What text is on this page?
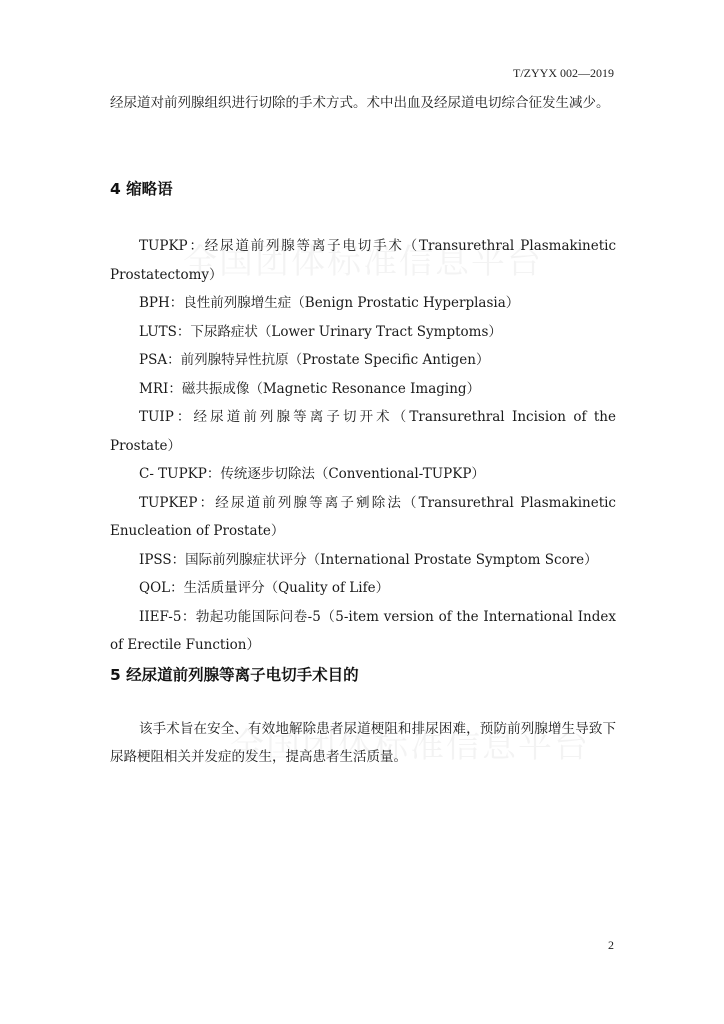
T/ZYYX 002—2019
经尿道对前列腺组织进行切除的手术方式。术中出血及经尿道电切综合征发生减少。
4 缩略语

TUPKP：经尿道前列腺等离子电切手术（Transurethral Plasmakinetic Prostatectomy）

BPH：良性前列腺增生症（Benign Prostatic Hyperplasia）

LUTS：下尿路症状（Lower Urinary Tract Symptoms）

PSA：前列腺特异性抗原（Prostate Specific Antigen）

MRI：磁共振成像（Magnetic Resonance Imaging）

TUIP：经尿道前列腺等离子切开术（Transurethral Incision of the Prostate）

C- TUPKP：传统逐步切除法（Conventional-TUPKP）

TUPKEP：经尿道前列腺等离子剜除法（Transurethral Plasmakinetic Enucleation of Prostate）

IPSS：国际前列腺症状评分（International Prostate Symptom Score）

QOL：生活质量评分（Quality of Life）

IIEF-5：勃起功能国际问卷-5（5-item version of the International Index of Erectile Function）

5 经尿道前列腺等离子电切手术目的
该手术旨在安全、有效地解除患者尿道梗阻和排尿困难，预防前列腺增生导致下尿路梗阻相关并发症的发生，提高患者生活质量。
2
